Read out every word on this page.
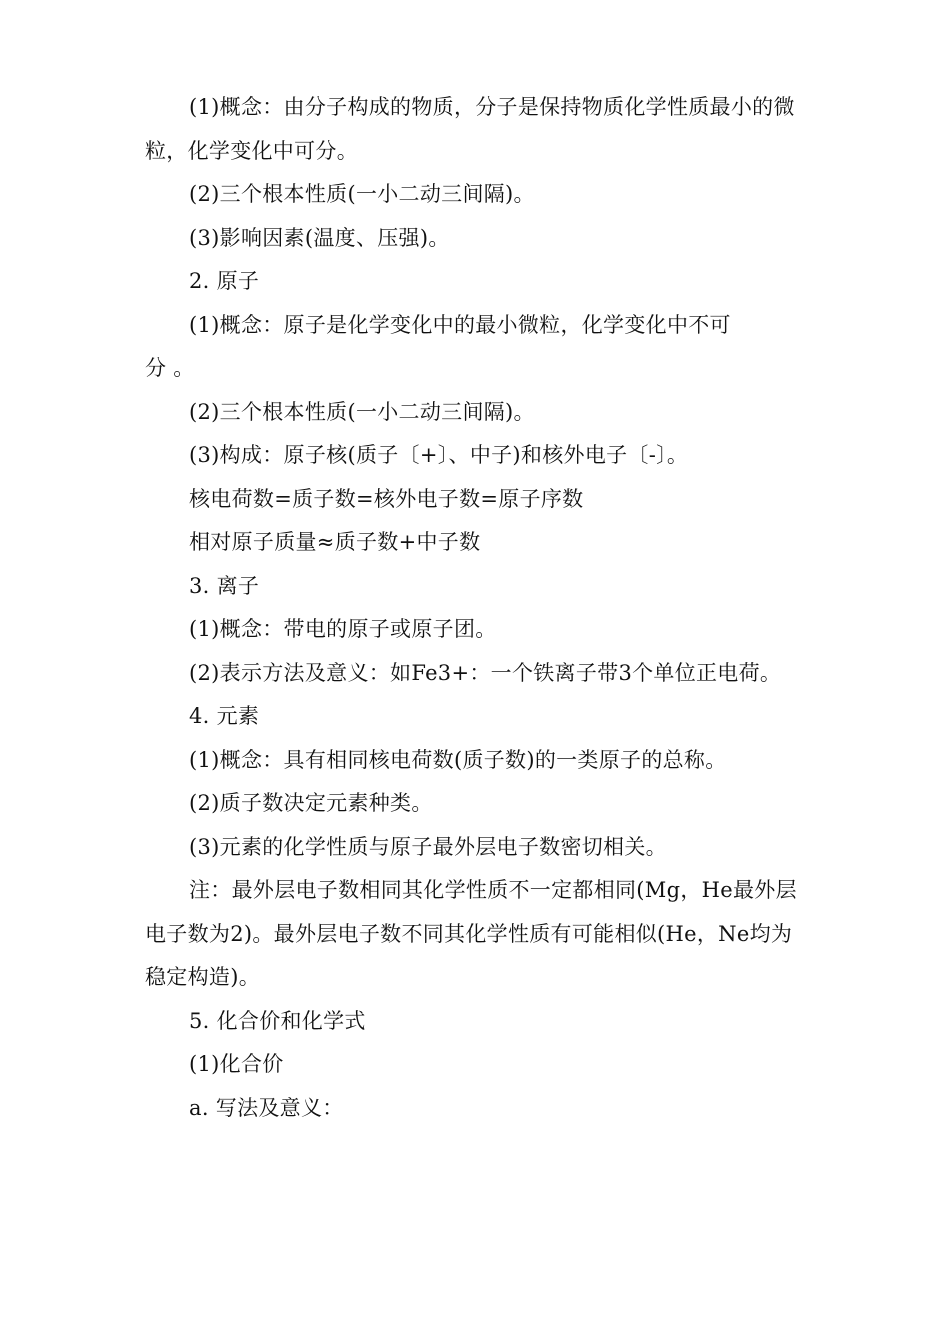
(1)概念：由分子构成的物质，分子是保持物质化学性质最小的微粒，化学变化中可分。

(2)三个根本性质(一小二动三间隔)。

(3)影响因素(温度、压强)。

2. 原子

(1)概念：原子是化学变化中的最小微粒，化学变化中不可

分 。

(2)三个根本性质(一小二动三间隔)。

(3)构成：原子核(质子〔+〕、中子)和核外电子〔-〕。

核电荷数=质子数=核外电子数=原子序数

相对原子质量≈质子数+中子数

3. 离子

(1)概念：带电的原子或原子团。

(2)表示方法及意义：如Fe3+：一个铁离子带3个单位正电荷。

4. 元素

(1)概念：具有相同核电荷数(质子数)的一类原子的总称。

(2)质子数决定元素种类。

(3)元素的化学性质与原子最外层电子数密切相关。

注：最外层电子数相同其化学性质不一定都相同(Mg，He最外层电子数为2)。最外层电子数不同其化学性质有可能相似(He，Ne均为稳定构造)。

5. 化合价和化学式

(1)化合价

a. 写法及意义：
